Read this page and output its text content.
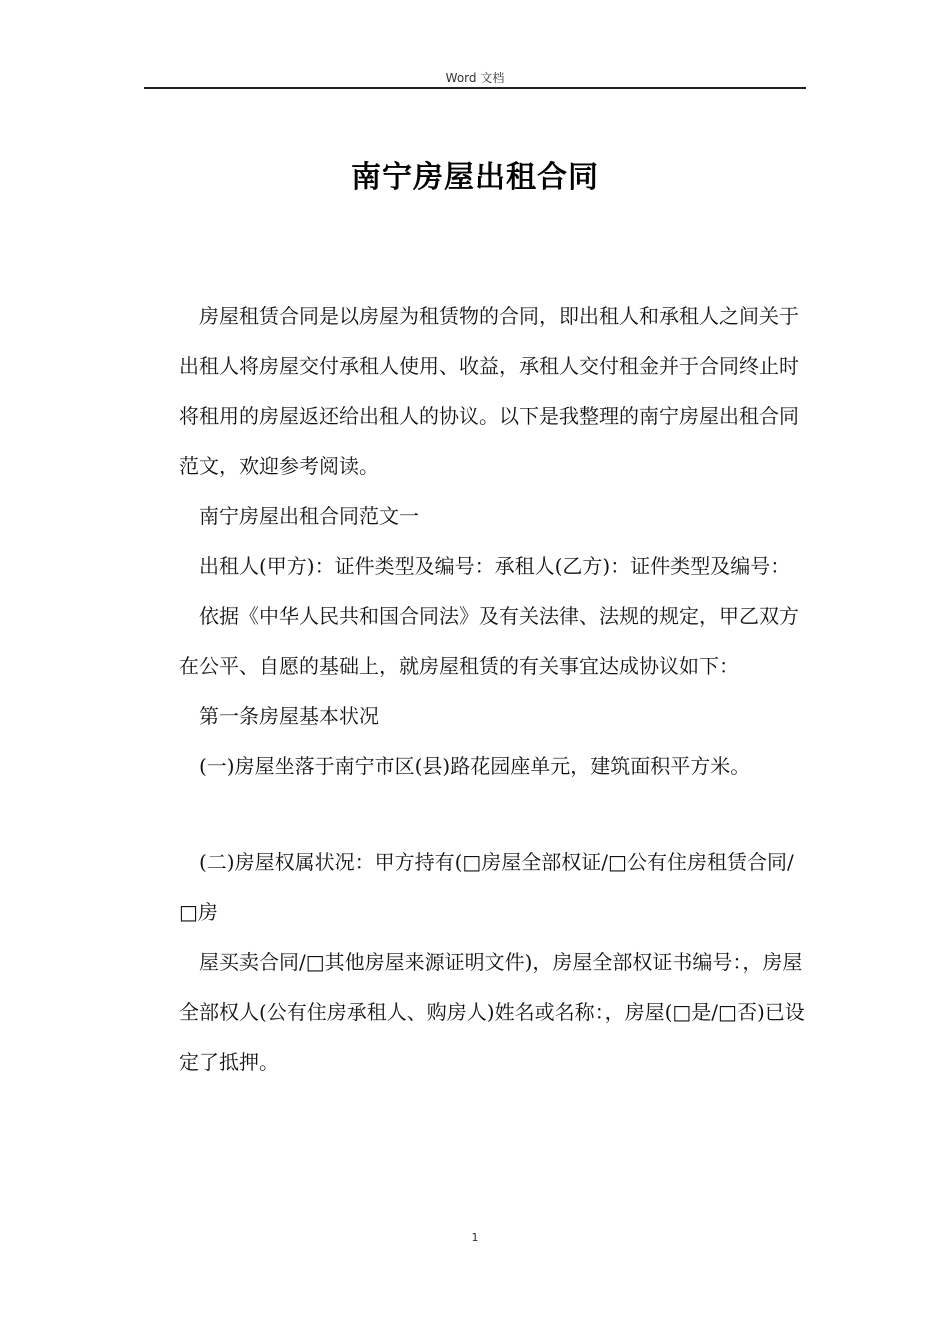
Word 文档
南宁房屋出租合同

房屋租赁合同是以房屋为租赁物的合同，即出租人和承租人之间关于出租人将房屋交付承租人使用、收益，承租人交付租金并于合同终止时将租用的房屋返还给出租人的协议。以下是我整理的南宁房屋出租合同范文，欢迎参考阅读。

南宁房屋出租合同范文一

出租人(甲方)：证件类型及编号：承租人(乙方)：证件类型及编号：

依据《中华人民共和国合同法》及有关法律、法规的规定，甲乙双方在公平、自愿的基础上，就房屋租赁的有关事宜达成协议如下：

第一条房屋基本状况

(一)房屋坐落于南宁市区(县)路花园座单元，建筑面积平方米。

(二)房屋权属状况：甲方持有(□房屋全部权证/□公有住房租赁合同/□房

屋买卖合同/□其他房屋来源证明文件)，房屋全部权证书编号：，房屋全部权人(公有住房承租人、购房人)姓名或名称：，房屋(□是/□否)已设定了抵押。

1
